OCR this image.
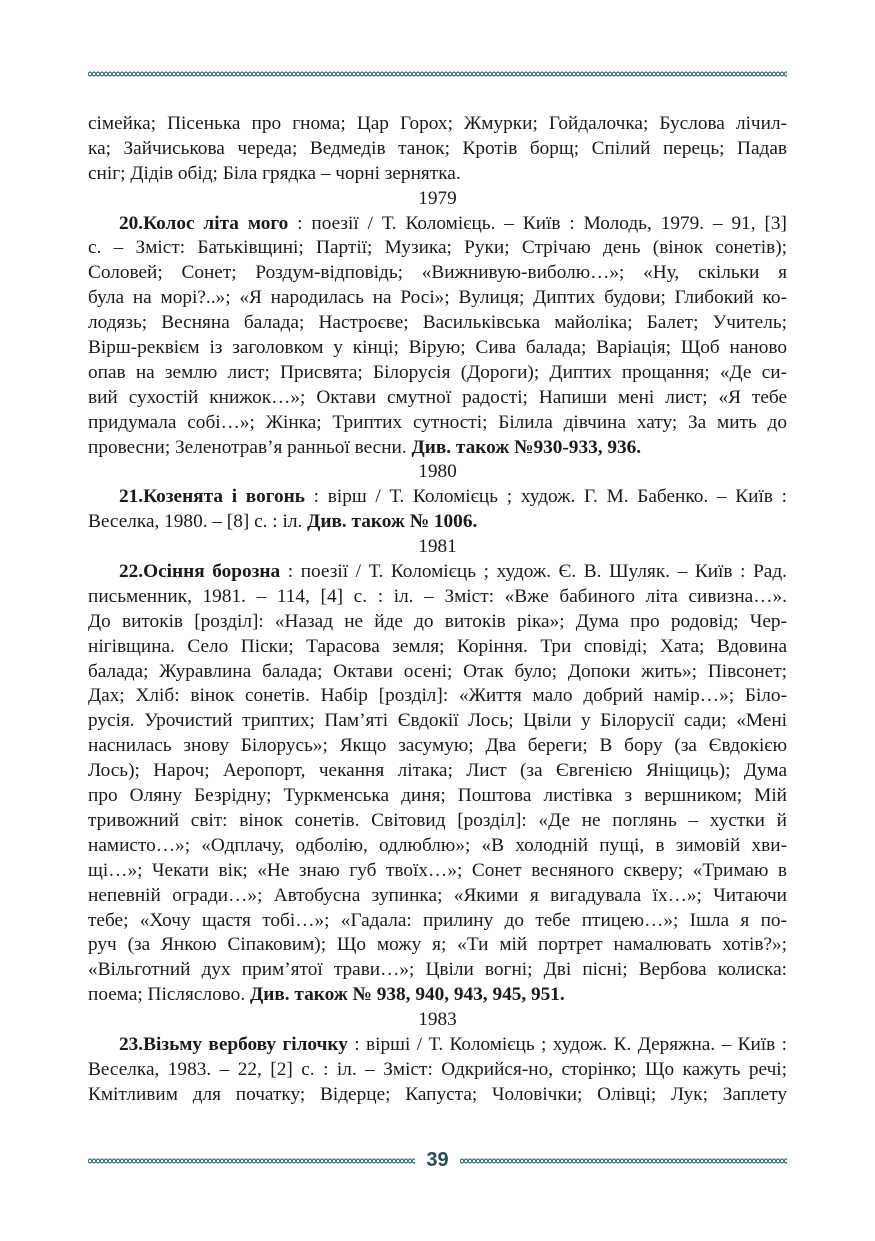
сімейка; Пісенька про гнома; Цар Горох; Жмурки; Гойдалочка; Буслова лічил-
ка; Зайчиськова череда; Ведмедів танок; Кротів борщ; Спілий перець; Падав
сніг; Дідів обід; Біла грядка – чорні зернятка.
1979
20.Колос літа мого : поезії / Т. Коломієць. – Київ : Молодь, 1979. – 91, [3]
с. – Зміст: Батьківщині; Партії; Музика; Руки; Стрічаю день (вінок сонетів);
Соловей; Сонет; Роздум-відповідь; «Вижнивую-виболю…»; «Ну, скільки я
була на морі?..»; «Я народилась на Росі»; Вулиця; Диптих будови; Глибокий ко-
лодязь; Весняна балада; Настроєве; Васильківська майоліка; Балет; Учитель;
Вірш-реквієм із заголовком у кінці; Вірую; Сива балада; Варіація; Щоб наново
опав на землю лист; Присвята; Білорусія (Дороги); Диптих прощання; «Де си-
вий сухостій книжок…»; Октави смутної радості; Напиши мені лист; «Я тебе
придумала собі…»; Жінка; Триптих сутності; Білила дівчина хату; За мить до
провесни; Зеленотрав’я ранньої весни. Див. також №930-933, 936.
1980
21.Козенята і вогонь : вірш / Т. Коломієць ; худож. Г. М. Бабенко. – Київ :
Веселка, 1980. – [8] с. : іл. Див. також № 1006.
1981
22.Осіння борозна : поезії / Т. Коломієць ; худож. Є. В. Шуляк. – Київ : Рад.
письменник, 1981. – 114, [4] с. : іл. – Зміст: «Вже бабиного літа сивизна…».
До витоків [розділ]: «Назад не йде до витоків ріка»; Дума про родовід; Чер-
нігівщина. Село Піски; Тарасова земля; Коріння. Три сповіді; Хата; Вдовина
балада; Журавлина балада; Октави осені; Отак було; Допоки жить»; Півсонет;
Дах; Хліб: вінок сонетів. Набір [розділ]: «Життя мало добрий намір…»; Біло-
русія. Урочистий триптих; Пам’яті Євдокії Лось; Цвіли у Білорусії сади; «Мені
наснилась знову Білорусь»; Якщо засумую; Два береги; В бору (за Євдокією
Лось); Нароч; Аеропорт, чекання літака; Лист (за Євгенією Яніщиць); Дума
про Оляну Безрідну; Туркменська диня; Поштова листівка з вершником; Мій
тривожний світ: вінок сонетів. Світовид [розділ]: «Де не поглянь – хустки й
намисто…»; «Одплачу, одболію, одлюблю»; «В холодній пущі, в зимовій хви-
щі…»; Чекати вік; «Не знаю губ твоїх…»; Сонет весняного скверу; «Тримаю в
непевній огради…»; Автобусна зупинка; «Якими я вигадувала їх…»; Читаючи
тебе; «Хочу щастя тобі…»; «Гадала: прилину до тебе птицею…»; Ішла я по-
руч (за Янкою Сіпаковим); Що можу я; «Ти мій портрет намалювать хотів?»;
«Вільготний дух прим’ятої трави…»; Цвіли вогні; Дві пісні; Вербова колиска:
поема; Післяслово. Див. також № 938, 940, 943, 945, 951.
1983
23.Візьму вербову гілочку : вірші / Т. Коломієць ; худож. К. Деряжна. – Київ :
Веселка, 1983. – 22, [2] с. : іл. – Зміст: Одкрийся-но, сторінко; Що кажуть речі;
Кмітливим для початку; Відерце; Капуста; Чоловічки; Олівці; Лук; Заплету
39
